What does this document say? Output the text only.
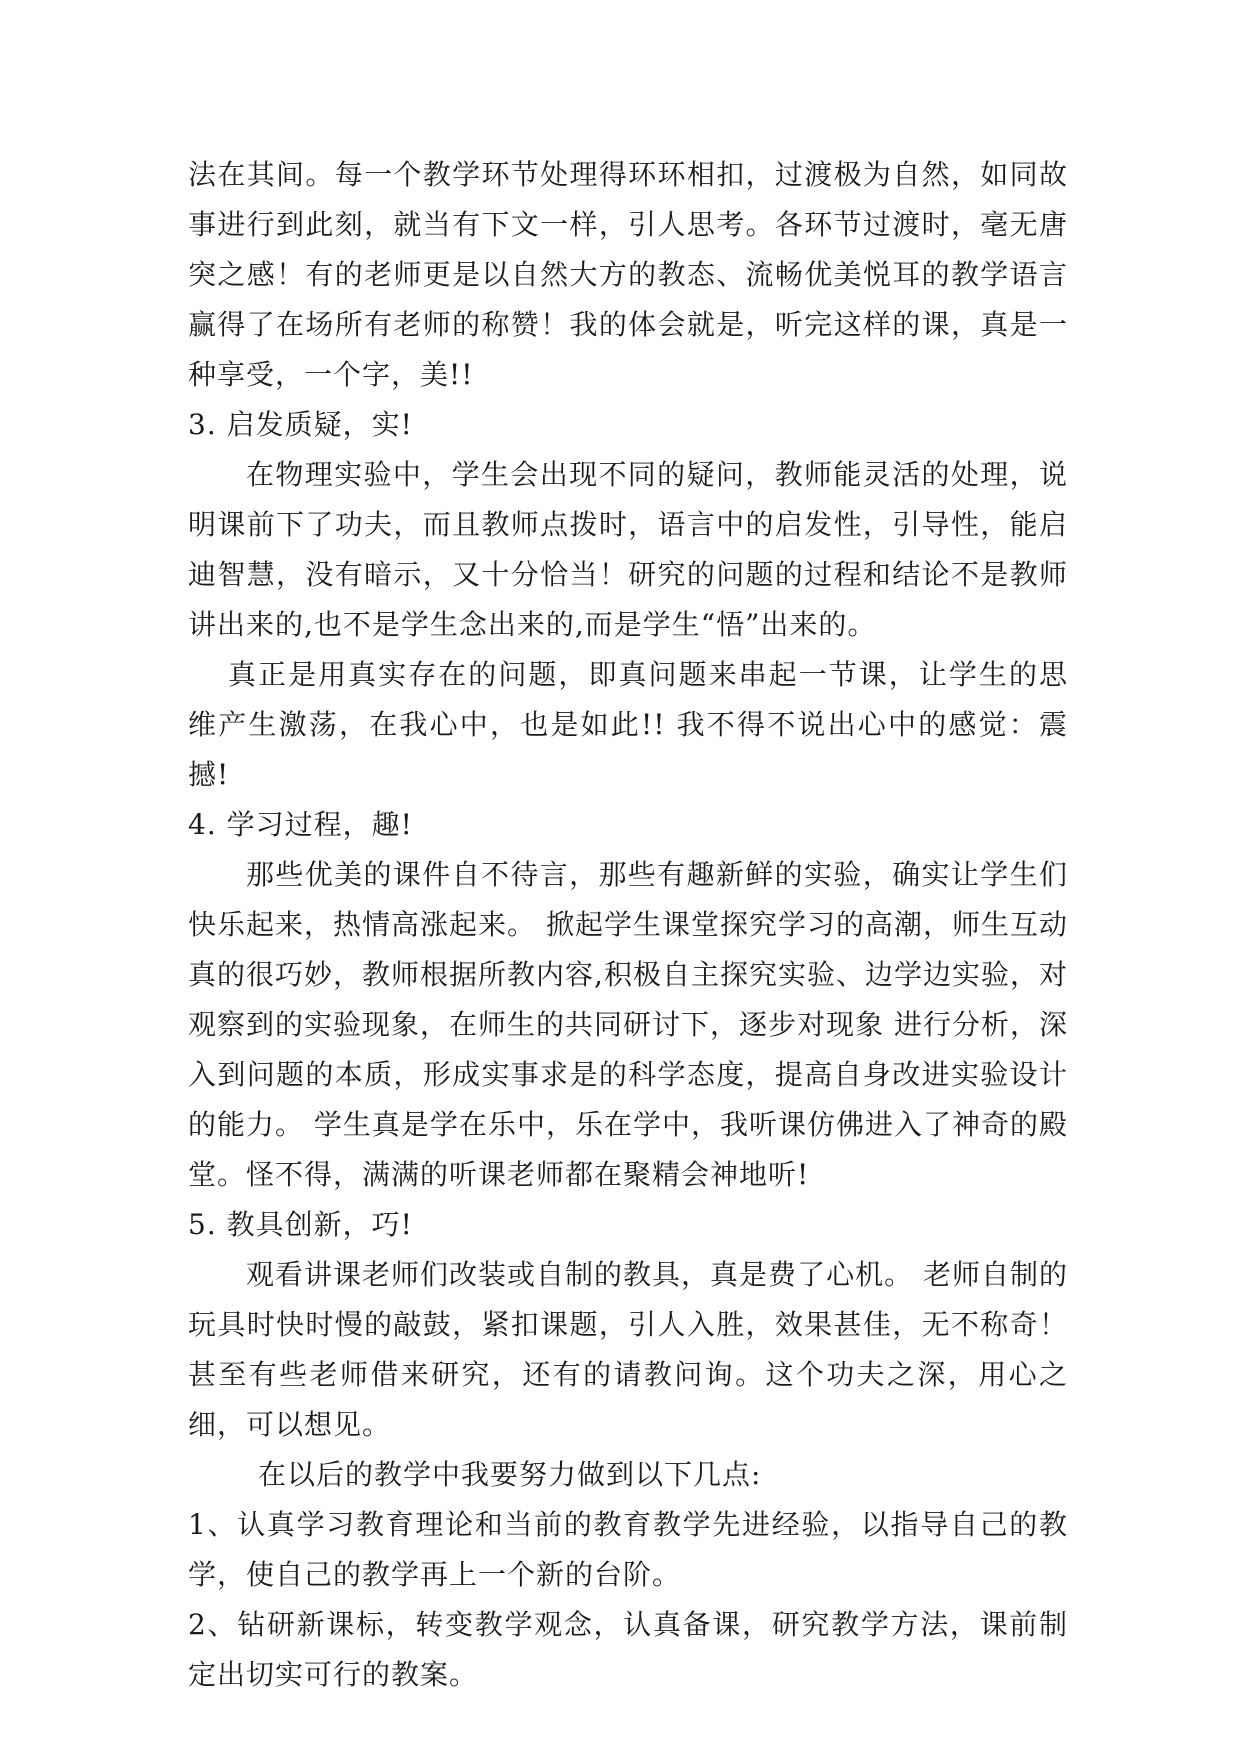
法在其间。每一个教学环节处理得环环相扣，过渡极为自然，如同故事进行到此刻，就当有下文一样，引人思考。各环节过渡时，毫无唐突之感！有的老师更是以自然大方的教态、流畅优美悦耳的教学语言赢得了在场所有老师的称赞！我的体会就是，听完这样的课，真是一种享受，一个字，美!!

3. 启发质疑，实!

在物理实验中，学生会出现不同的疑问，教师能灵活的处理，说明课前下了功夫，而且教师点拨时，语言中的启发性，引导性，能启迪智慧，没有暗示，又十分恰当！研究的问题的过程和结论不是教师讲出来的,也不是学生念出来的,而是学生“悟”出来的。

真正是用真实存在的问题，即真问题来串起一节课，让学生的思维产生激荡，在我心中，也是如此!! 我不得不说出心中的感觉：震撼!

4. 学习过程，趣!

那些优美的课件自不待言，那些有趣新鲜的实验，确实让学生们快乐起来，热情高涨起来。 掀起学生课堂探究学习的高潮，师生互动真的很巧妙，教师根据所教内容,积极自主探究实验、边学边实验，对观察到的实验现象，在师生的共同研讨下，逐步对现象 进行分析，深入到问题的本质，形成实事求是的科学态度，提高自身改进实验设计的能力。 学生真是学在乐中，乐在学中，我听课仿佛进入了神奇的殿堂。怪不得，满满的听课老师都在聚精会神地听!

5. 教具创新，巧!

观看讲课老师们改装或自制的教具，真是费了心机。 老师自制的 玩具时快时慢的敲鼓，紧扣课题，引人入胜，效果甚佳，无不称奇！甚至有些老师借来研究，还有的请教问询。这个功夫之深，用心之细，可以想见。

在以后的教学中我要努力做到以下几点:

1、认真学习教育理论和当前的教育教学先进经验，以指导自己的教学，使自己的教学再上一个新的台阶。

2、钻研新课标，转变教学观念，认真备课，研究教学方法，课前制定出切实可行的教案。
